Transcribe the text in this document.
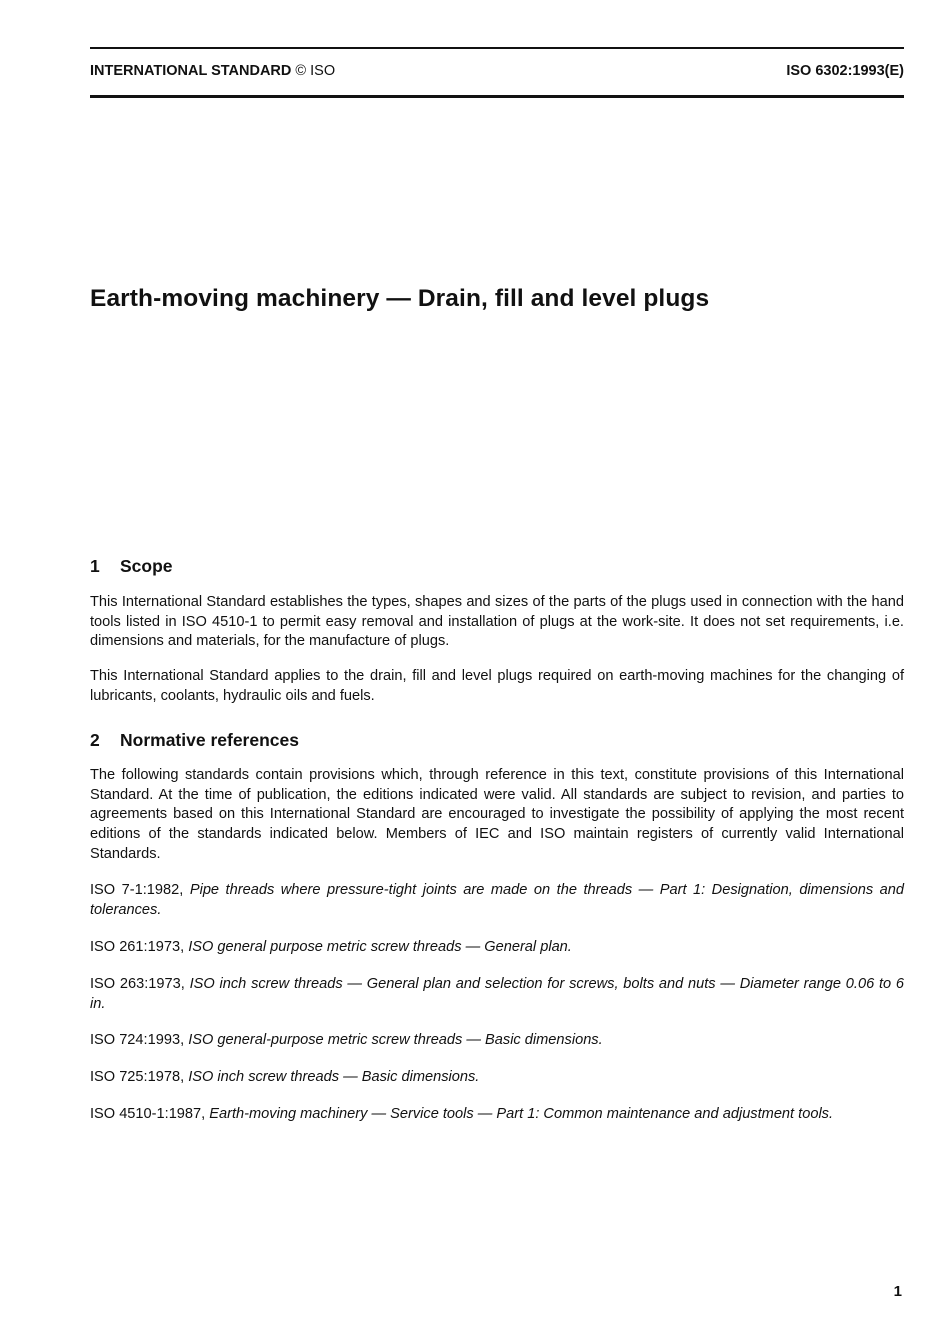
INTERNATIONAL STANDARD © ISO	ISO 6302:1993(E)
Earth-moving machinery — Drain, fill and level plugs
1 Scope

This International Standard establishes the types, shapes and sizes of the parts of the plugs used in connection with the hand tools listed in ISO 4510-1 to permit easy removal and installation of plugs at the work-site. It does not set requirements, i.e. dimensions and materials, for the manufacture of plugs.

This International Standard applies to the drain, fill and level plugs required on earth-moving machines for the changing of lubricants, coolants, hydraulic oils and fuels.

2 Normative references

The following standards contain provisions which, through reference in this text, constitute provisions of this International Standard. At the time of publication, the editions indicated were valid. All standards are subject to revision, and parties to agreements based on this International Standard are encouraged to investigate the possibility of applying the most recent editions of the standards indicated below. Members of IEC and ISO maintain registers of currently valid International Standards.

ISO 7-1:1982, Pipe threads where pressure-tight joints are made on the threads — Part 1: Designation, dimensions and tolerances.

ISO 261:1973, ISO general purpose metric screw threads — General plan.

ISO 263:1973, ISO inch screw threads — General plan and selection for screws, bolts and nuts — Diameter range 0.06 to 6 in.

ISO 724:1993, ISO general-purpose metric screw threads — Basic dimensions.

ISO 725:1978, ISO inch screw threads — Basic dimensions.

ISO 4510-1:1987, Earth-moving machinery — Service tools — Part 1: Common maintenance and adjustment tools.

1
